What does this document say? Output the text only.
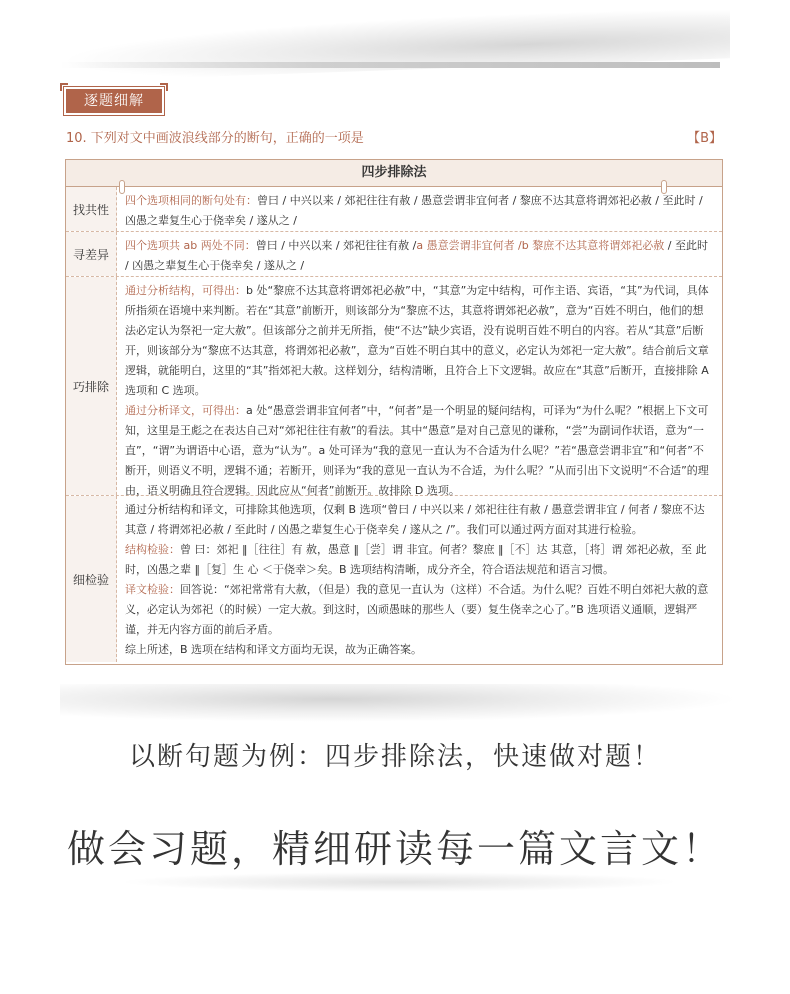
逐题细解
10. 下列对文中画波浪线部分的断句，正确的一项是	【B】
四步排除法
找共性
四个选项相同的断句处有：曾曰 / 中兴以来 / 郊祀往往有赦 / 愚意尝谓非宜何者 / 黎庶不达其意将谓郊祀必赦 / 至此时 / 凶愚之辈复生心于侥幸矣 / 遂从之 /
寻差异
四个选项共 ab 两处不同：曾曰 / 中兴以来 / 郊祀往往有赦 /a 愚意尝谓非宜何者 /b 黎庶不达其意将谓郊祀必赦 / 至此时 / 凶愚之辈复生心于侥幸矣 / 遂从之 /
巧排除

通过分析结构，可得出：b 处“黎庶不达其意将谓郊祀必赦”中，“其意”为定中结构，可作主语、宾语，“其”为代词，具体所指须在语境中来判断。若在“其意”前断开，则该部分为“黎庶不达，其意将谓郊祀必赦”，意为“百姓不明白，他们的想法必定认为祭祀一定大赦”。但该部分之前并无所指，使“不达”缺少宾语，没有说明百姓不明白的内容。若从“其意”后断开，则该部分为“黎庶不达其意，将谓郊祀必赦”，意为“百姓不明白其中的意义，必定认为郊祀一定大赦”。结合前后文章逻辑，就能明白，这里的“其”指郊祀大赦。这样划分，结构清晰，且符合上下文逻辑。故应在“其意”后断开，直接排除 A 选项和 C 选项。

通过分析译文，可得出：a 处“愚意尝谓非宜何者”中，“何者”是一个明显的疑问结构，可译为“为什么呢？”根据上下文可知，这里是王彪之在表达自己对“郊祀往往有赦”的看法。其中“愚意”是对自己意见的谦称，“尝”为副词作状语，意为“一直”，“谓”为谓语中心语，意为“认为”。a 处可译为“我的意见一直认为不合适为什么呢？”若“愚意尝谓非宜”和“何者”不断开，则语义不明，逻辑不通；若断开，则译为“我的意见一直认为不合适，为什么呢？”从而引出下文说明“不合适”的理由，语义明确且符合逻辑。因此应从“何者”前断开。故排除 D 选项。

细检验

通过分析结构和译文，可排除其他选项，仅剩 B 选项“曾曰 / 中兴以来 / 郊祀往往有赦 / 愚意尝谓非宜 / 何者 / 黎庶不达其意 / 将谓郊祀必赦 / 至此时 / 凶愚之辈复生心于侥幸矣 / 遂从之 /”。我们可以通过两方面对其进行检验。

结构检验：曾 曰：郊祀 ‖［往往］有 赦，愚意 ‖［尝］谓 非宜。何者？黎庶 ‖［不］达 其意，［将］谓 郊祀必赦，至 此时，凶愚之辈 ‖［复］生 心 ＜于侥幸＞矣。B 选项结构清晰，成分齐全，符合语法规范和语言习惯。

译文检验：回答说：“郊祀常常有大赦，（但是）我的意见一直认为（这样）不合适。为什么呢？百姓不明白郊祀大赦的意义，必定认为郊祀（的时候）一定大赦。到这时，凶顽愚昧的那些人（要）复生侥幸之心了。”B 选项语义通顺，逻辑严谨，并无内容方面的前后矛盾。

综上所述，B 选项在结构和译文方面均无误，故为正确答案。

以断句题为例：四步排除法，快速做对题！
做会习题，精细研读每一篇文言文！
